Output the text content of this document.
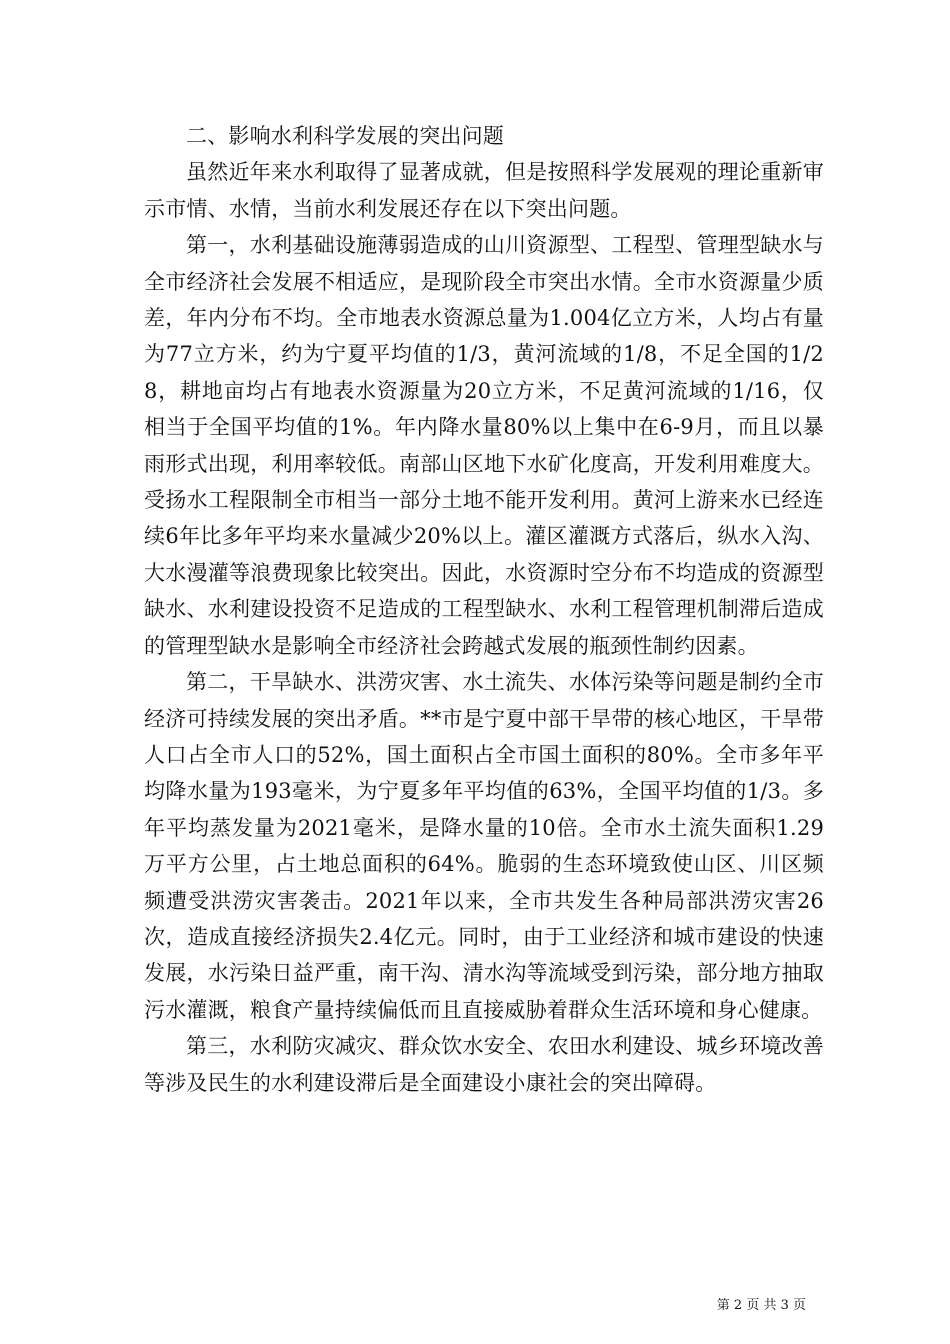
二、影响水利科学发展的突出问题

虽然近年来水利取得了显著成就，但是按照科学发展观的理论重新审示市情、水情，当前水利发展还存在以下突出问题。

第一，水利基础设施薄弱造成的山川资源型、工程型、管理型缺水与全市经济社会发展不相适应，是现阶段全市突出水情。全市水资源量少质差，年内分布不均。全市地表水资源总量为1.004亿立方米，人均占有量为77立方米，约为宁夏平均值的1/3，黄河流域的1/8，不足全国的1/28，耕地亩均占有地表水资源量为20立方米，不足黄河流域的1/16，仅相当于全国平均值的1%。年内降水量80%以上集中在6-9月，而且以暴雨形式出现，利用率较低。南部山区地下水矿化度高，开发利用难度大。受扬水工程限制全市相当一部分土地不能开发利用。黄河上游来水已经连续6年比多年平均来水量减少20%以上。灌区灌溉方式落后，纵水入沟、大水漫灌等浪费现象比较突出。因此，水资源时空分布不均造成的资源型缺水、水利建设投资不足造成的工程型缺水、水利工程管理机制滞后造成的管理型缺水是影响全市经济社会跨越式发展的瓶颈性制约因素。

第二，干旱缺水、洪涝灾害、水土流失、水体污染等问题是制约全市经济可持续发展的突出矛盾。**市是宁夏中部干旱带的核心地区，干旱带人口占全市人口的52%，国土面积占全市国土面积的80%。全市多年平均降水量为193毫米，为宁夏多年平均值的63%，全国平均值的1/3。多年平均蒸发量为2021毫米，是降水量的10倍。全市水土流失面积1.29万平方公里，占土地总面积的64%。脆弱的生态环境致使山区、川区频频遭受洪涝灾害袭击。2021年以来，全市共发生各种局部洪涝灾害26次，造成直接经济损失2.4亿元。同时，由于工业经济和城市建设的快速发展，水污染日益严重，南干沟、清水沟等流域受到污染，部分地方抽取污水灌溉，粮食产量持续偏低而且直接威胁着群众生活环境和身心健康。

第三，水利防灾减灾、群众饮水安全、农田水利建设、城乡环境改善等涉及民生的水利建设滞后是全面建设小康社会的突出障碍。

第 2 页 共 3 页
